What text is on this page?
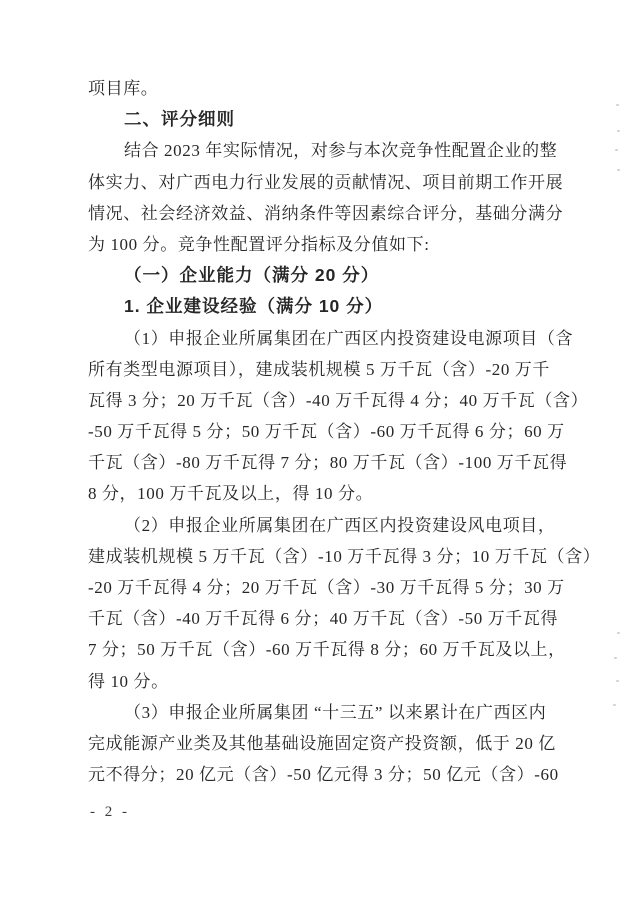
项目库。
二、评分细则
结合 2023 年实际情况，对参与本次竞争性配置企业的整
体实力、对广西电力行业发展的贡献情况、项目前期工作开展
情况、社会经济效益、消纳条件等因素综合评分，基础分满分
为 100 分。竞争性配置评分指标及分值如下:
（一）企业能力（满分 20 分）
1. 企业建设经验（满分 10 分）
（1）申报企业所属集团在广西区内投资建设电源项目（含
所有类型电源项目），建成装机规模 5 万千瓦（含）-20 万千
瓦得 3 分；20 万千瓦（含）-40 万千瓦得 4 分；40 万千瓦（含）
-50 万千瓦得 5 分；50 万千瓦（含）-60 万千瓦得 6 分；60 万
千瓦（含）-80 万千瓦得 7 分；80 万千瓦（含）-100 万千瓦得
8 分，100 万千瓦及以上，得 10 分。
（2）申报企业所属集团在广西区内投资建设风电项目，
建成装机规模 5 万千瓦（含）-10 万千瓦得 3 分；10 万千瓦（含）
-20 万千瓦得 4 分；20 万千瓦（含）-30 万千瓦得 5 分；30 万
千瓦（含）-40 万千瓦得 6 分；40 万千瓦（含）-50 万千瓦得
7 分；50 万千瓦（含）-60 万千瓦得 8 分；60 万千瓦及以上，
得 10 分。
（3）申报企业所属集团 “十三五” 以来累计在广西区内
完成能源产业类及其他基础设施固定资产投资额，低于 20 亿
元不得分；20 亿元（含）-50 亿元得 3 分；50 亿元（含）-60
- 2 -
